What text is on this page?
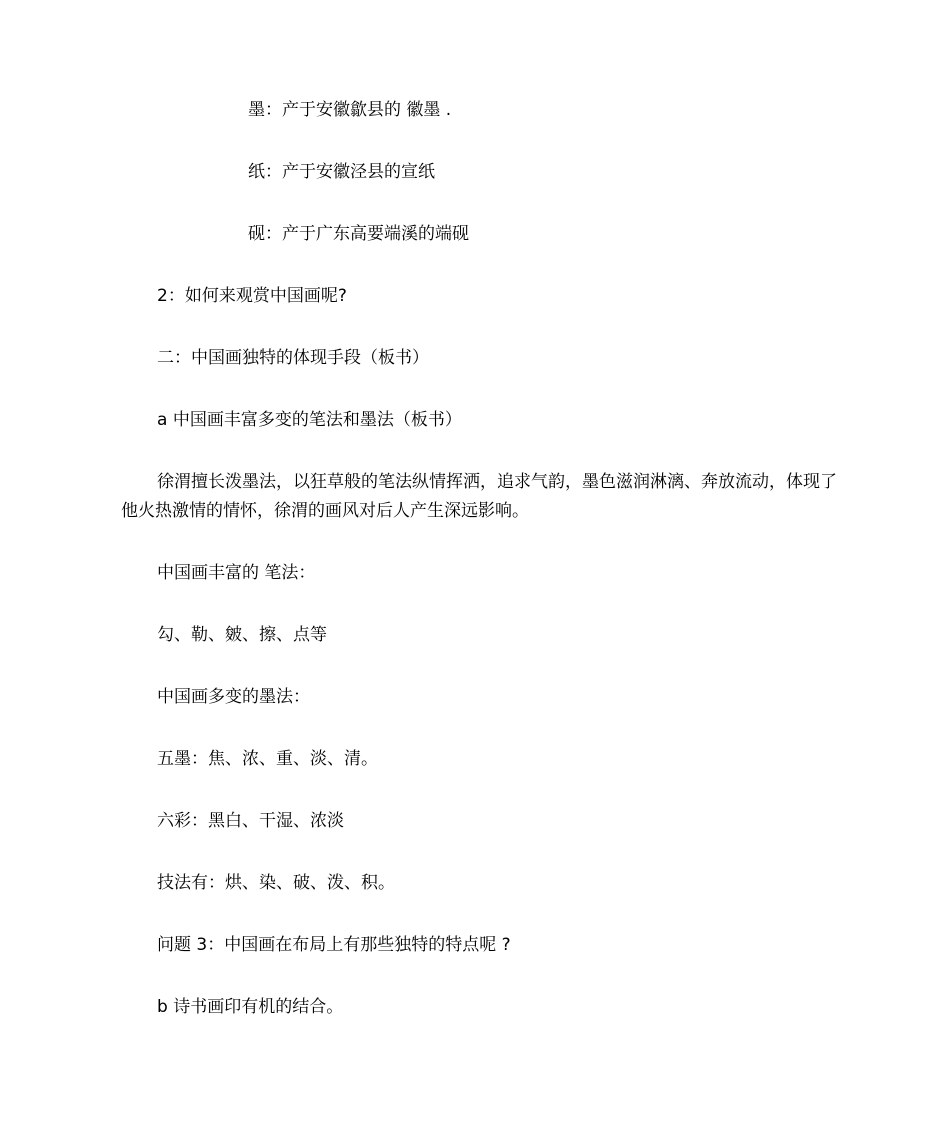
墨：产于安徽歙县的 徽墨 .
纸：产于安徽泾县的宣纸
砚：产于广东高要端溪的端砚
2：如何来观赏中国画呢?
二：中国画独特的体现手段（板书）
a 中国画丰富多变的笔法和墨法（板书）
徐渭擅长泼墨法，以狂草般的笔法纵情挥洒，追求气韵，墨色滋润淋漓、奔放流动，体现了他火热激情的情怀，徐渭的画风对后人产生深远影响。
中国画丰富的 笔法：
勾、勒、皴、擦、点等
中国画多变的墨法：
五墨：焦、浓、重、淡、清。
六彩：黑白、干湿、浓淡
技法有：烘、染、破、泼、积。
问题 3：中国画在布局上有那些独特的特点呢 ?
b 诗书画印有机的结合。
